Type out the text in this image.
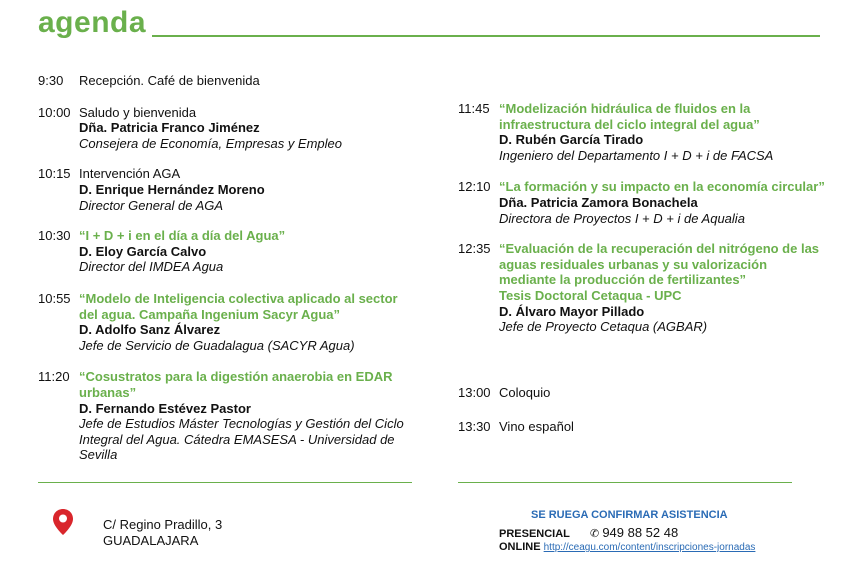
agenda
9:30	Recepción. Café de bienvenida
10:00 Saludo y bienvenida
Dña. Patricia Franco Jiménez
Consejera de Economía, Empresas y Empleo
10:15 Intervención AGA
D. Enrique Hernández Moreno
Director General de AGA
10:30 “I + D + i en el día a día del Agua”
D. Eloy García Calvo
Director del IMDEA Agua
10:55 “Modelo de Inteligencia colectiva aplicado al sector
del agua. Campaña Ingenium Sacyr Agua”
D. Adolfo Sanz Álvarez
Jefe de Servicio de Guadalagua (SACYR Agua)
11:20 “Cosustratos para la digestión anaerobia en EDAR
urbanas”
D. Fernando Estévez Pastor
Jefe de Estudios Máster Tecnologías y Gestión del Ciclo
Integral del Agua. Cátedra EMASESA - Universidad de
Sevilla
11:45 “Modelización hidráulica de fluidos en la
infraestructura del ciclo integral del agua”
D. Rubén García Tirado
Ingeniero del Departamento I + D + i de FACSA
12:10 “La formación y su impacto en la economía circular”
Dña. Patricia Zamora Bonachela
Directora de Proyectos I + D + i de Aqualia
12:35 “Evaluación de la recuperación del nitrógeno de las
aguas residuales urbanas y su valorización
mediante la producción de fertilizantes”
Tesis Doctoral Cetaqua - UPC
D. Álvaro Mayor Pillado
Jefe de Proyecto Cetaqua (AGBAR)
13:00 Coloquio
13:30 Vino español
C/ Regino Pradillo, 3
GUADALAJARA
SE RUEGA CONFIRMAR ASISTENCIA
PRESENCIAL ✆ 949 88 52 48
ONLINE http://ceagu.com/content/inscripciones-jornadas
